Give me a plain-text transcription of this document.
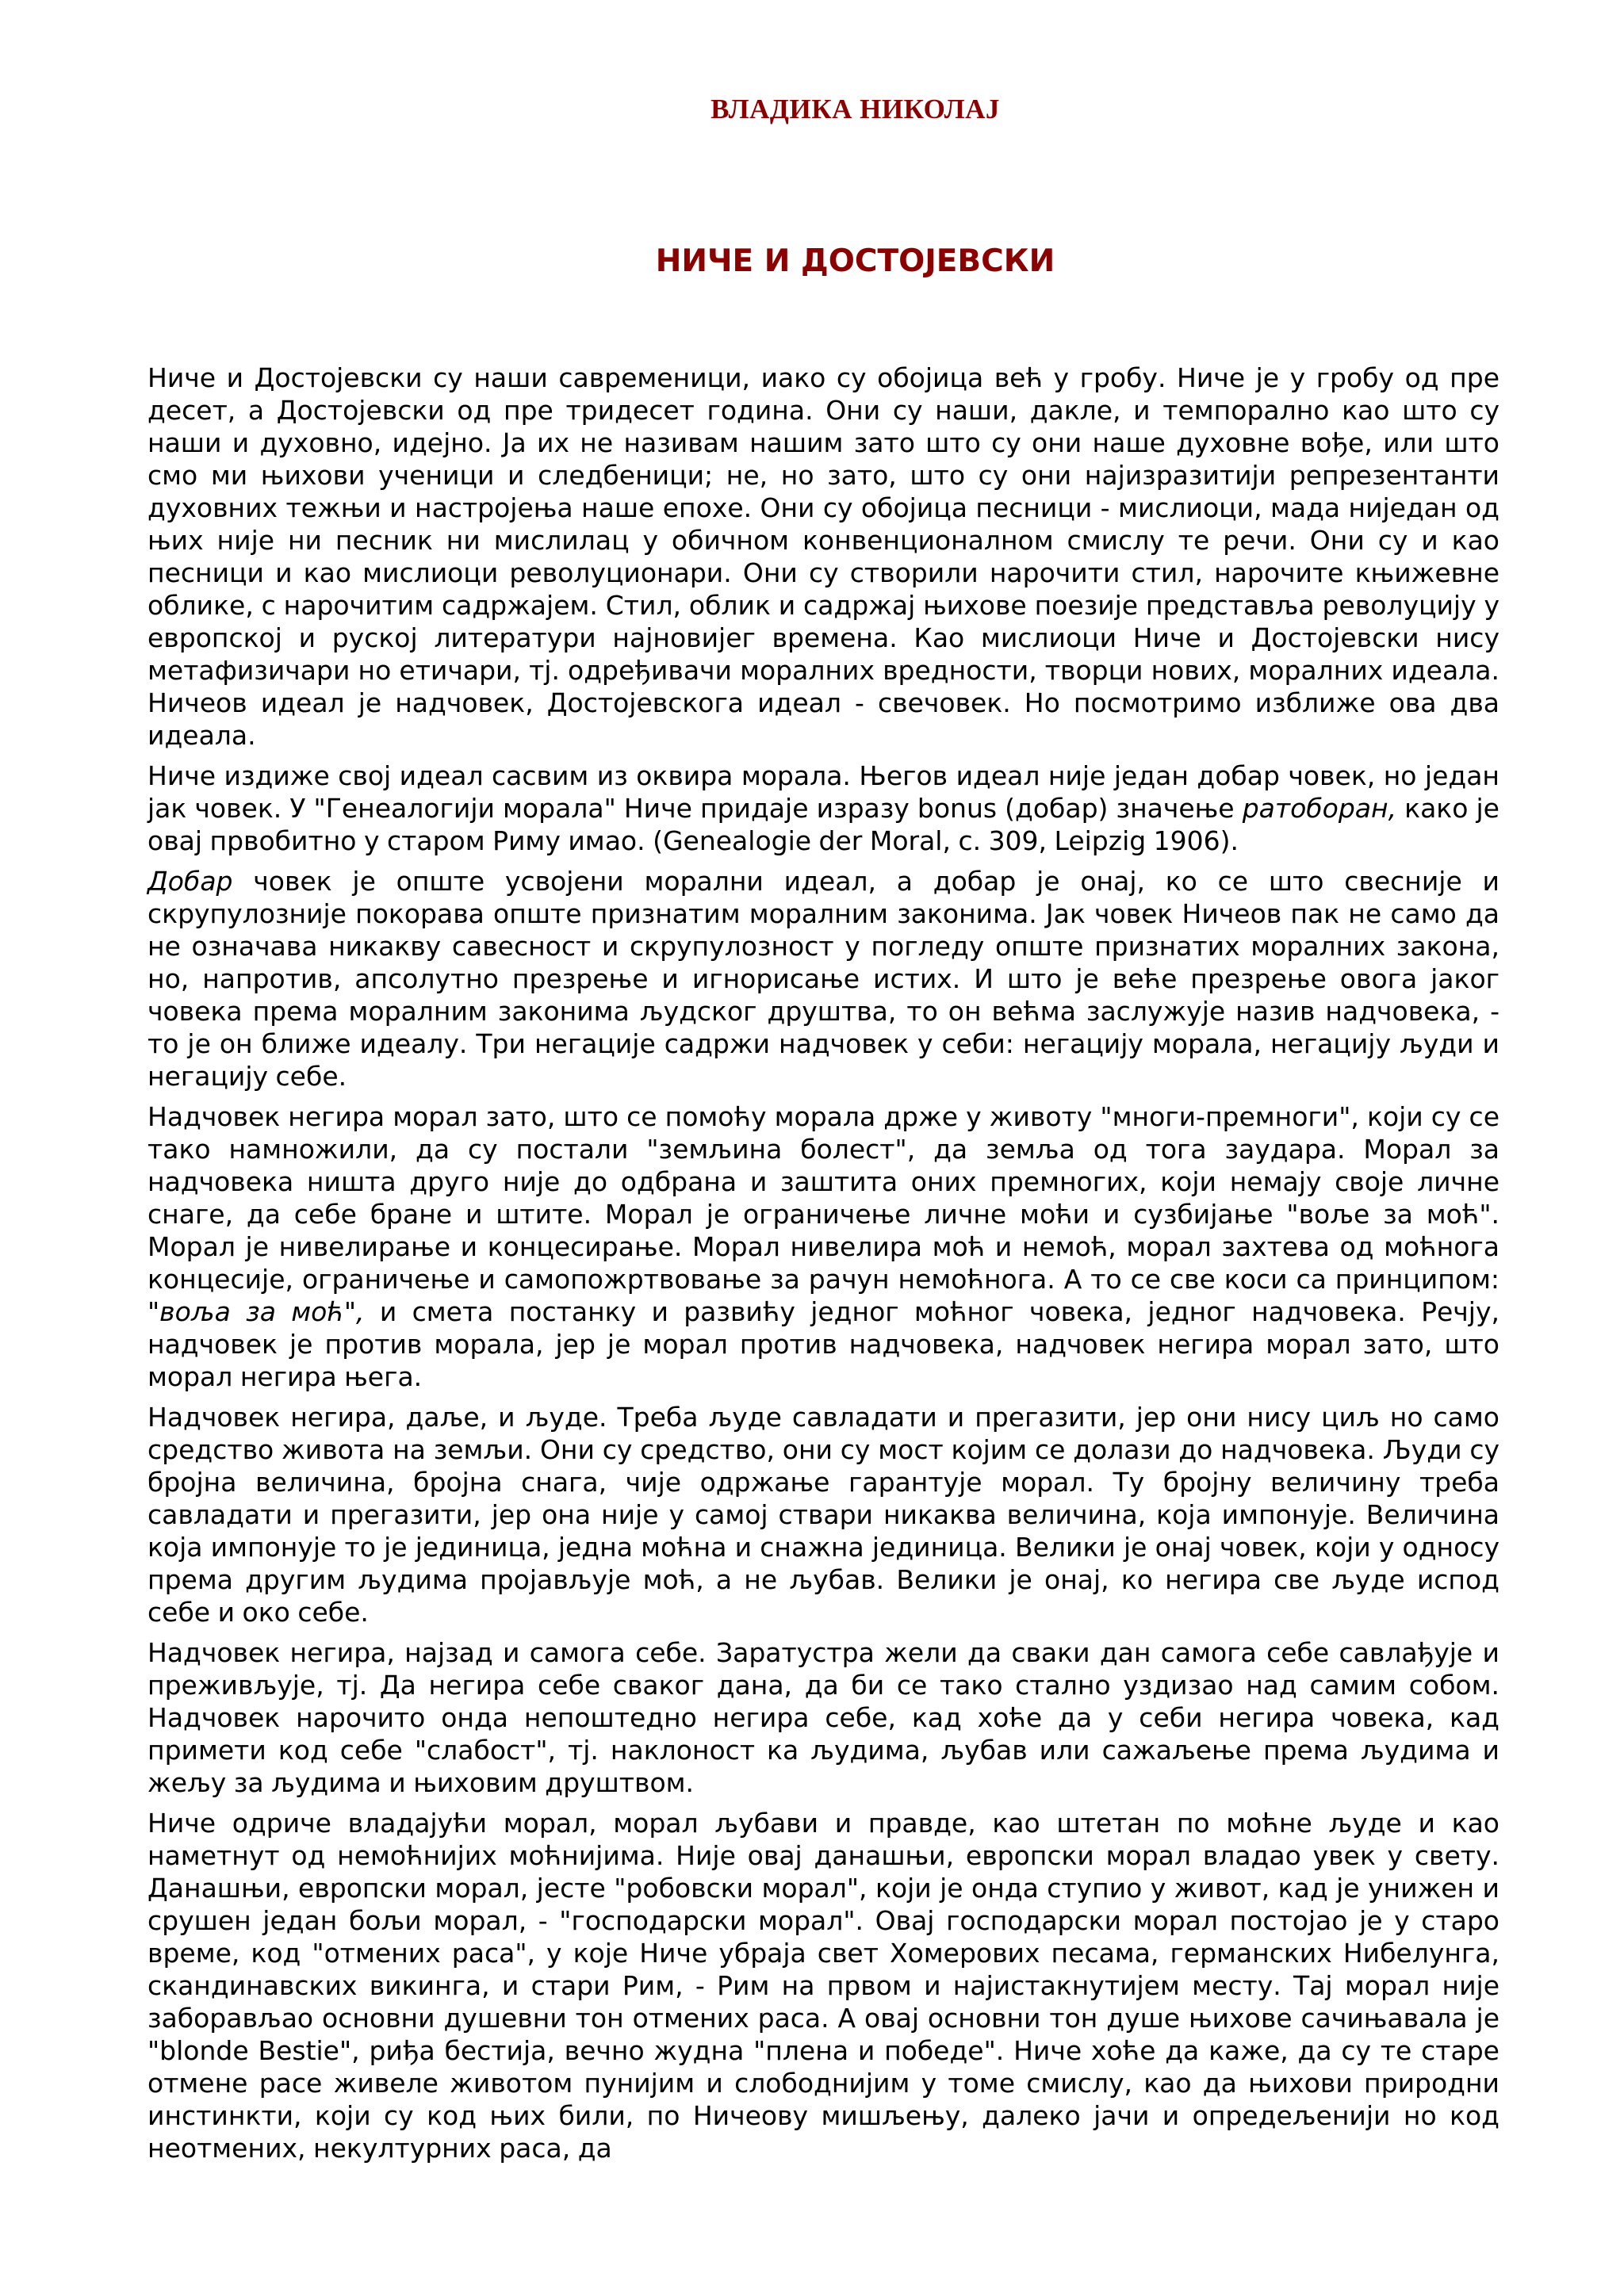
ВЛАДИКА НИКОЛАЈ
НИЧЕ И ДОСТОЈЕВСКИ

Ниче и Достојевски су наши савременици, иако су обојица већ у гробу. Ниче је у гробу од пре десет, а Достојевски од пре тридесет година. Они су наши, дакле, и темпорално као што су наши и духовно, идејно. Ја их не називам нашим зато што су они наше духовне вође, или што смо ми њихови ученици и следбеници; не, но зато, што су они најизразитији репрезентанти духовних тежњи и настројења наше епохе. Они су обојица песници - мислиоци, мада ниједан од њих није ни песник ни мислилац у обичном конвенционалном смислу те речи. Они су и као песници и као мислиоци револуционари. Они су створили нарочити стил, нарочите књижевне облике, с нарочитим садржајем. Стил, облик и садржај њихове поезије представља револуцију у европској и руској литератури најновијег времена. Као мислиоци Ниче и Достојевски нису метафизичари но етичари, тј. одређивачи моралних вредности, творци нових, моралних идеала. Ничеов идеал је надчовек, Достојевскога идеал - свечовек. Но посмотримо изближе ова два идеала.

Ниче издиже свој идеал сасвим из оквира морала. Његов идеал није један добар човек, но један јак човек. У "Генеалогији морала" Ниче придаје изразу bonus (добар) значење ратоборан, како је овај првобитно у старом Риму имао. (Genealogie der Moral, с. 309, Leipzig 1906).

Добар човек је опште усвојени морални идеал, а добар је онај, ко се што свесније и скрупулозније покорава опште признатим моралним законима. Јак човек Ничеов пак не само да не означава никакву савесност и скрупулозност у погледу опште признатих моралних закона, но, напротив, апсолутно презрење и игнорисање истих. И што је веће презрење овога јаког човека према моралним законима људског друштва, то он већма заслужује назив надчовека, - то је он ближе идеалу. Три негације садржи надчовек у себи: негацију морала, негацију људи и негацију себе.

Надчовек негира морал зато, што се помоћу морала држе у животу "многи-премноги", који су се тако намножили, да су постали "земљина болест", да земља од тога заудара. Морал за надчовека ништа друго није до одбрана и заштита оних премногих, који немају своје личне снаге, да себе бране и штите. Морал је ограничење личне моћи и сузбијање "воље за моћ". Морал је нивелирање и концесирање. Морал нивелира моћ и немоћ, морал захтева од моћнога концесије, ограничење и самопожртвовање за рачун немоћнога. А то се све коси са принципом: "воља за моћ", и смета постанку и развићу једног моћног човека, једног надчовека. Речју, надчовек је против морала, јер је морал против надчовека, надчовек негира морал зато, што морал негира њега.

Надчовек негира, даље, и људе. Треба људе савладати и прегазити, јер они нису циљ но само средство живота на земљи. Они су средство, они су мост којим се долази до надчовека. Људи су бројна величина, бројна снага, чије одржање гарантује морал. Ту бројну величину треба савладати и прегазити, јер она није у самој ствари никаква величина, која импонује. Величина која импонује то је јединица, једна моћна и снажна јединица. Велики је онај човек, који у односу према другим људима пројављује моћ, а не љубав. Велики је онај, ко негира све људе испод себе и око себе.

Надчовек негира, најзад и самога себе. Заратустра жели да сваки дан самога себе савлађује и преживљује, тј. Да негира себе сваког дана, да би се тако стално уздизао над самим собом. Надчовек нарочито онда непоштедно негира себе, кад хоће да у себи негира човека, кад примети код себе "слабост", тј. наклоност ка људима, љубав или сажаљење према људима и жељу за људима и њиховим друштвом.

Ниче одриче владајући морал, морал љубави и правде, као штетан по моћне људе и као наметнут од немоћнијих моћнијима. Није овај данашњи, европски морал владао увек у свету. Данашњи, европски морал, јесте "робовски морал", који је онда ступио у живот, кад је унижен и срушен један бољи морал, - "господарски морал". Овај господарски морал постојао је у старо време, код "отмених раса", у које Ниче убраја свет Хомерових песама, германских Нибелунга, скандинавских викинга, и стари Рим, - Рим на првом и најистакнутијем месту. Тај морал није заборављао основни душевни тон отмених раса. А овај основни тон душе њихове сачињавала је "blonde Bestie", риђа бестија, вечно жудна "плена и победе". Ниче хоће да каже, да су те старе отмене расе живеле животом пунијим и слободнијим у томе смислу, као да њихови природни инстинкти, који су код њих били, по Ничеову мишљењу, далеко јачи и опредељенији но код неотмених, некултурних раса, да
